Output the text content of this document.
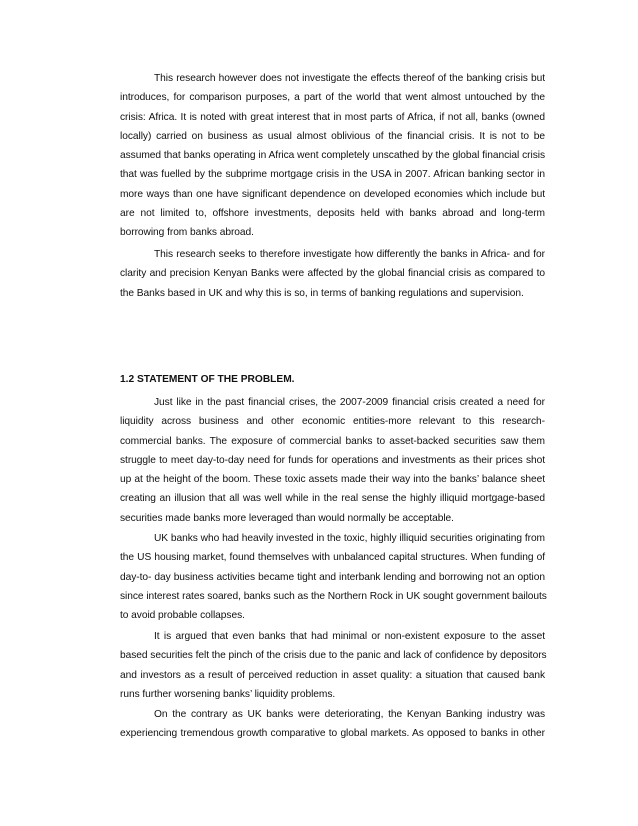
This research however does not investigate the effects thereof of the banking crisis but
introduces, for comparison purposes, a part of the world that went almost untouched by the
crisis: Africa. It is noted with great interest that in most parts of Africa, if not all, banks (owned
locally) carried on business as usual almost oblivious of the financial crisis. It is not to be
assumed that banks operating in Africa went completely unscathed by the global financial crisis
that was fuelled by the subprime mortgage crisis in the USA in 2007. African banking sector in
more ways than one have significant dependence on developed economies which include but
are not limited to, offshore investments, deposits held with banks abroad and long-term
borrowing from banks abroad.

This research seeks to therefore investigate how differently the banks in Africa- and for
clarity and precision Kenyan Banks were affected by the global financial crisis as compared to
the Banks based in UK and why this is so, in terms of banking regulations and supervision.

1.2 STATEMENT OF THE PROBLEM.

Just like in the past financial crises, the 2007-2009 financial crisis created a need for
liquidity across business and other economic entities-more relevant to this research-
commercial banks. The exposure of commercial banks to asset-backed securities saw them
struggle to meet day-to-day need for funds for operations and investments as their prices shot
up at the height of the boom. These toxic assets made their way into the banks’ balance sheet
creating an illusion that all was well while in the real sense the highly illiquid mortgage-based
securities made banks more leveraged than would normally be acceptable.

UK banks who had heavily invested in the toxic, highly illiquid securities originating from
the US housing market, found themselves with unbalanced capital structures. When funding of
day-to- day business activities became tight and interbank lending and borrowing not an option
since interest rates soared, banks such as the Northern Rock in UK sought government bailouts
to avoid probable collapses.

It is argued that even banks that had minimal or non-existent exposure to the asset
based securities felt the pinch of the crisis due to the panic and lack of confidence by depositors
and investors as a result of perceived reduction in asset quality: a situation that caused bank
runs further worsening banks’ liquidity problems.

On the contrary as UK banks were deteriorating, the Kenyan Banking industry was
experiencing tremendous growth comparative to global markets. As opposed to banks in other
